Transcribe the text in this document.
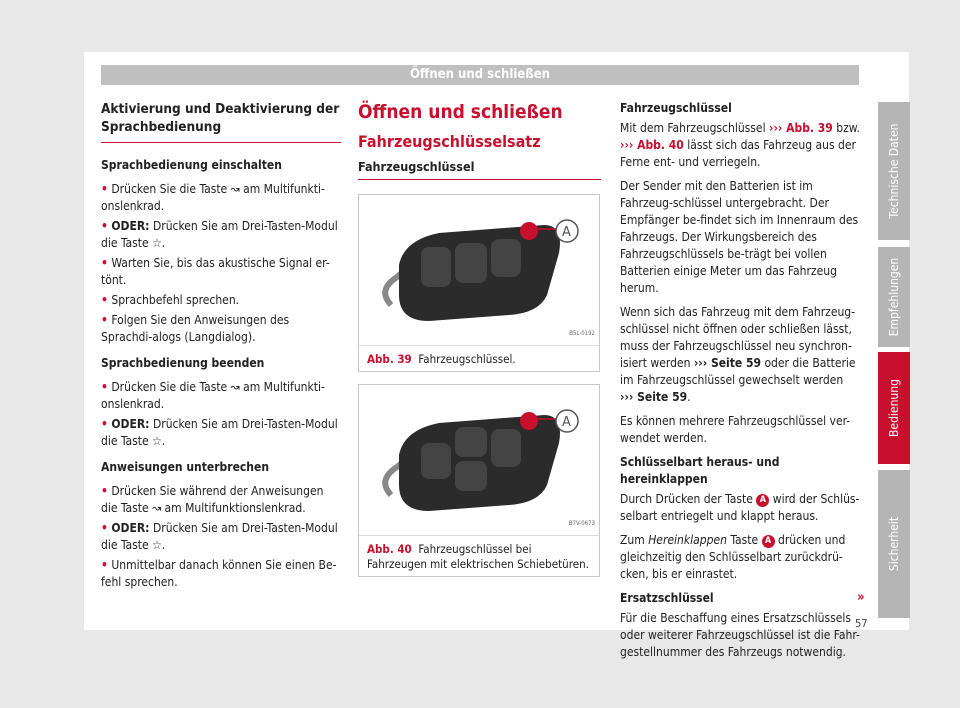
Öffnen und schließen
Aktivierung und Deaktivierung der Sprachbedienung

Sprachbedienung einschalten

• Drücken Sie die Taste ↝ am Multifunkti-onslenkrad.
• ODER: Drücken Sie am Drei-Tasten-Modul die Taste ☆.
• Warten Sie, bis das akustische Signal er-tönt.
• Sprachbefehl sprechen.
• Folgen Sie den Anweisungen des Sprachdi-alogs (Langdialog).

Sprachbedienung beenden

• Drücken Sie die Taste ↝ am Multifunkti-onslenkrad.
• ODER: Drücken Sie am Drei-Tasten-Modul die Taste ☆.

Anweisungen unterbrechen

• Drücken Sie während der Anweisungen die Taste ↝ am Multifunktionslenkrad.
• ODER: Drücken Sie am Drei-Tasten-Modul die Taste ☆.
• Unmittelbar danach können Sie einen Be-fehl sprechen.
Öffnen und schließen
Fahrzeugschlüsselsatz
Fahrzeugschlüssel
A
B5L-0192
Abb. 39 Fahrzeugschlüssel.
A
B7V-0673
Abb. 40 Fahrzeugschlüssel bei Fahrzeugen mit elektrischen Schiebetüren.

Fahrzeugschlüssel

Mit dem Fahrzeugschlüssel ››› Abb. 39 bzw. ››› Abb. 40 lässt sich das Fahrzeug aus der Ferne ent- und verriegeln.

Der Sender mit den Batterien ist im Fahrzeug-schlüssel untergebracht. Der Empfänger be-findet sich im Innenraum des Fahrzeugs. Der Wirkungsbereich des Fahrzeugschlüssels be-trägt bei vollen Batterien einige Meter um das Fahrzeug herum.

Wenn sich das Fahrzeug mit dem Fahrzeug-schlüssel nicht öffnen oder schließen lässt, muss der Fahrzeugschlüssel neu synchron-isiert werden ››› Seite 59 oder die Batterie im Fahrzeugschlüssel gewechselt werden ››› Seite 59.

Es können mehrere Fahrzeugschlüssel ver-wendet werden.

Schlüsselbart heraus- und hereinklappen

Durch Drücken der Taste A wird der Schlüs-selbart entriegelt und klappt heraus.

Zum Hereinklappen Taste A drücken und gleichzeitig den Schlüsselbart zurückdrü-cken, bis er einrastet.

Ersatzschlüssel

Für die Beschaffung eines Ersatzschlüssels oder weiterer Fahrzeugschlüssel ist die Fahr-gestellnummer des Fahrzeugs notwendig.

»
57
Technische Daten
Empfehlungen
Bedienung
Sicherheit
